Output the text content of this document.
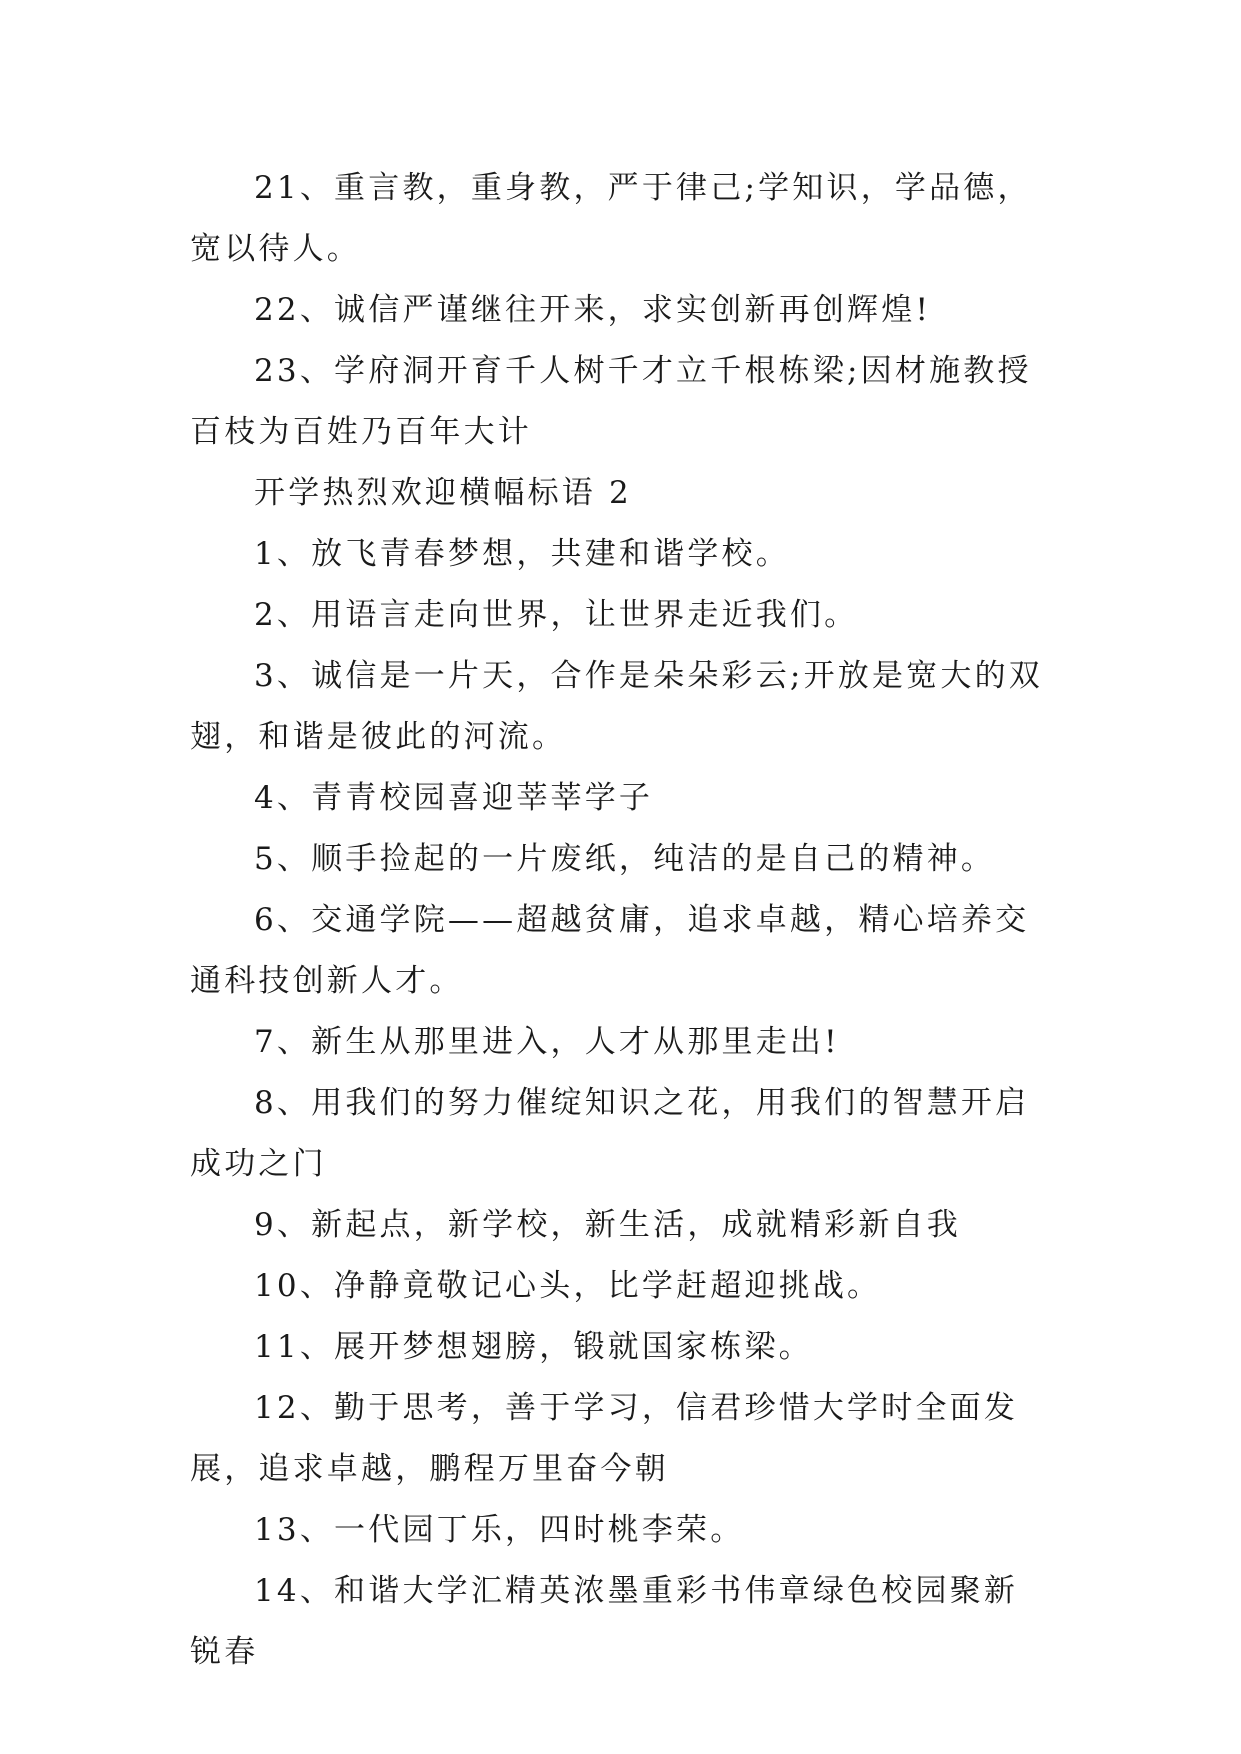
21、重言教，重身教，严于律己;学知识，学品德，宽以待人。

22、诚信严谨继往开来，求实创新再创辉煌!

23、学府洞开育千人树千才立千根栋梁;因材施教授百枝为百姓乃百年大计

开学热烈欢迎横幅标语 2

1、放飞青春梦想，共建和谐学校。

2、用语言走向世界，让世界走近我们。

3、诚信是一片天，合作是朵朵彩云;开放是宽大的双翅，和谐是彼此的河流。

4、青青校园喜迎莘莘学子

5、顺手捡起的一片废纸，纯洁的是自己的精神。

6、交通学院——超越贫庸，追求卓越，精心培养交通科技创新人才。

7、新生从那里进入，人才从那里走出!

8、用我们的努力催绽知识之花，用我们的智慧开启成功之门

9、新起点，新学校，新生活，成就精彩新自我

10、净静竟敬记心头，比学赶超迎挑战。

11、展开梦想翅膀，锻就国家栋梁。

12、勤于思考，善于学习，信君珍惜大学时全面发展，追求卓越，鹏程万里奋今朝

13、一代园丁乐，四时桃李荣。

14、和谐大学汇精英浓墨重彩书伟章绿色校园聚新锐春
